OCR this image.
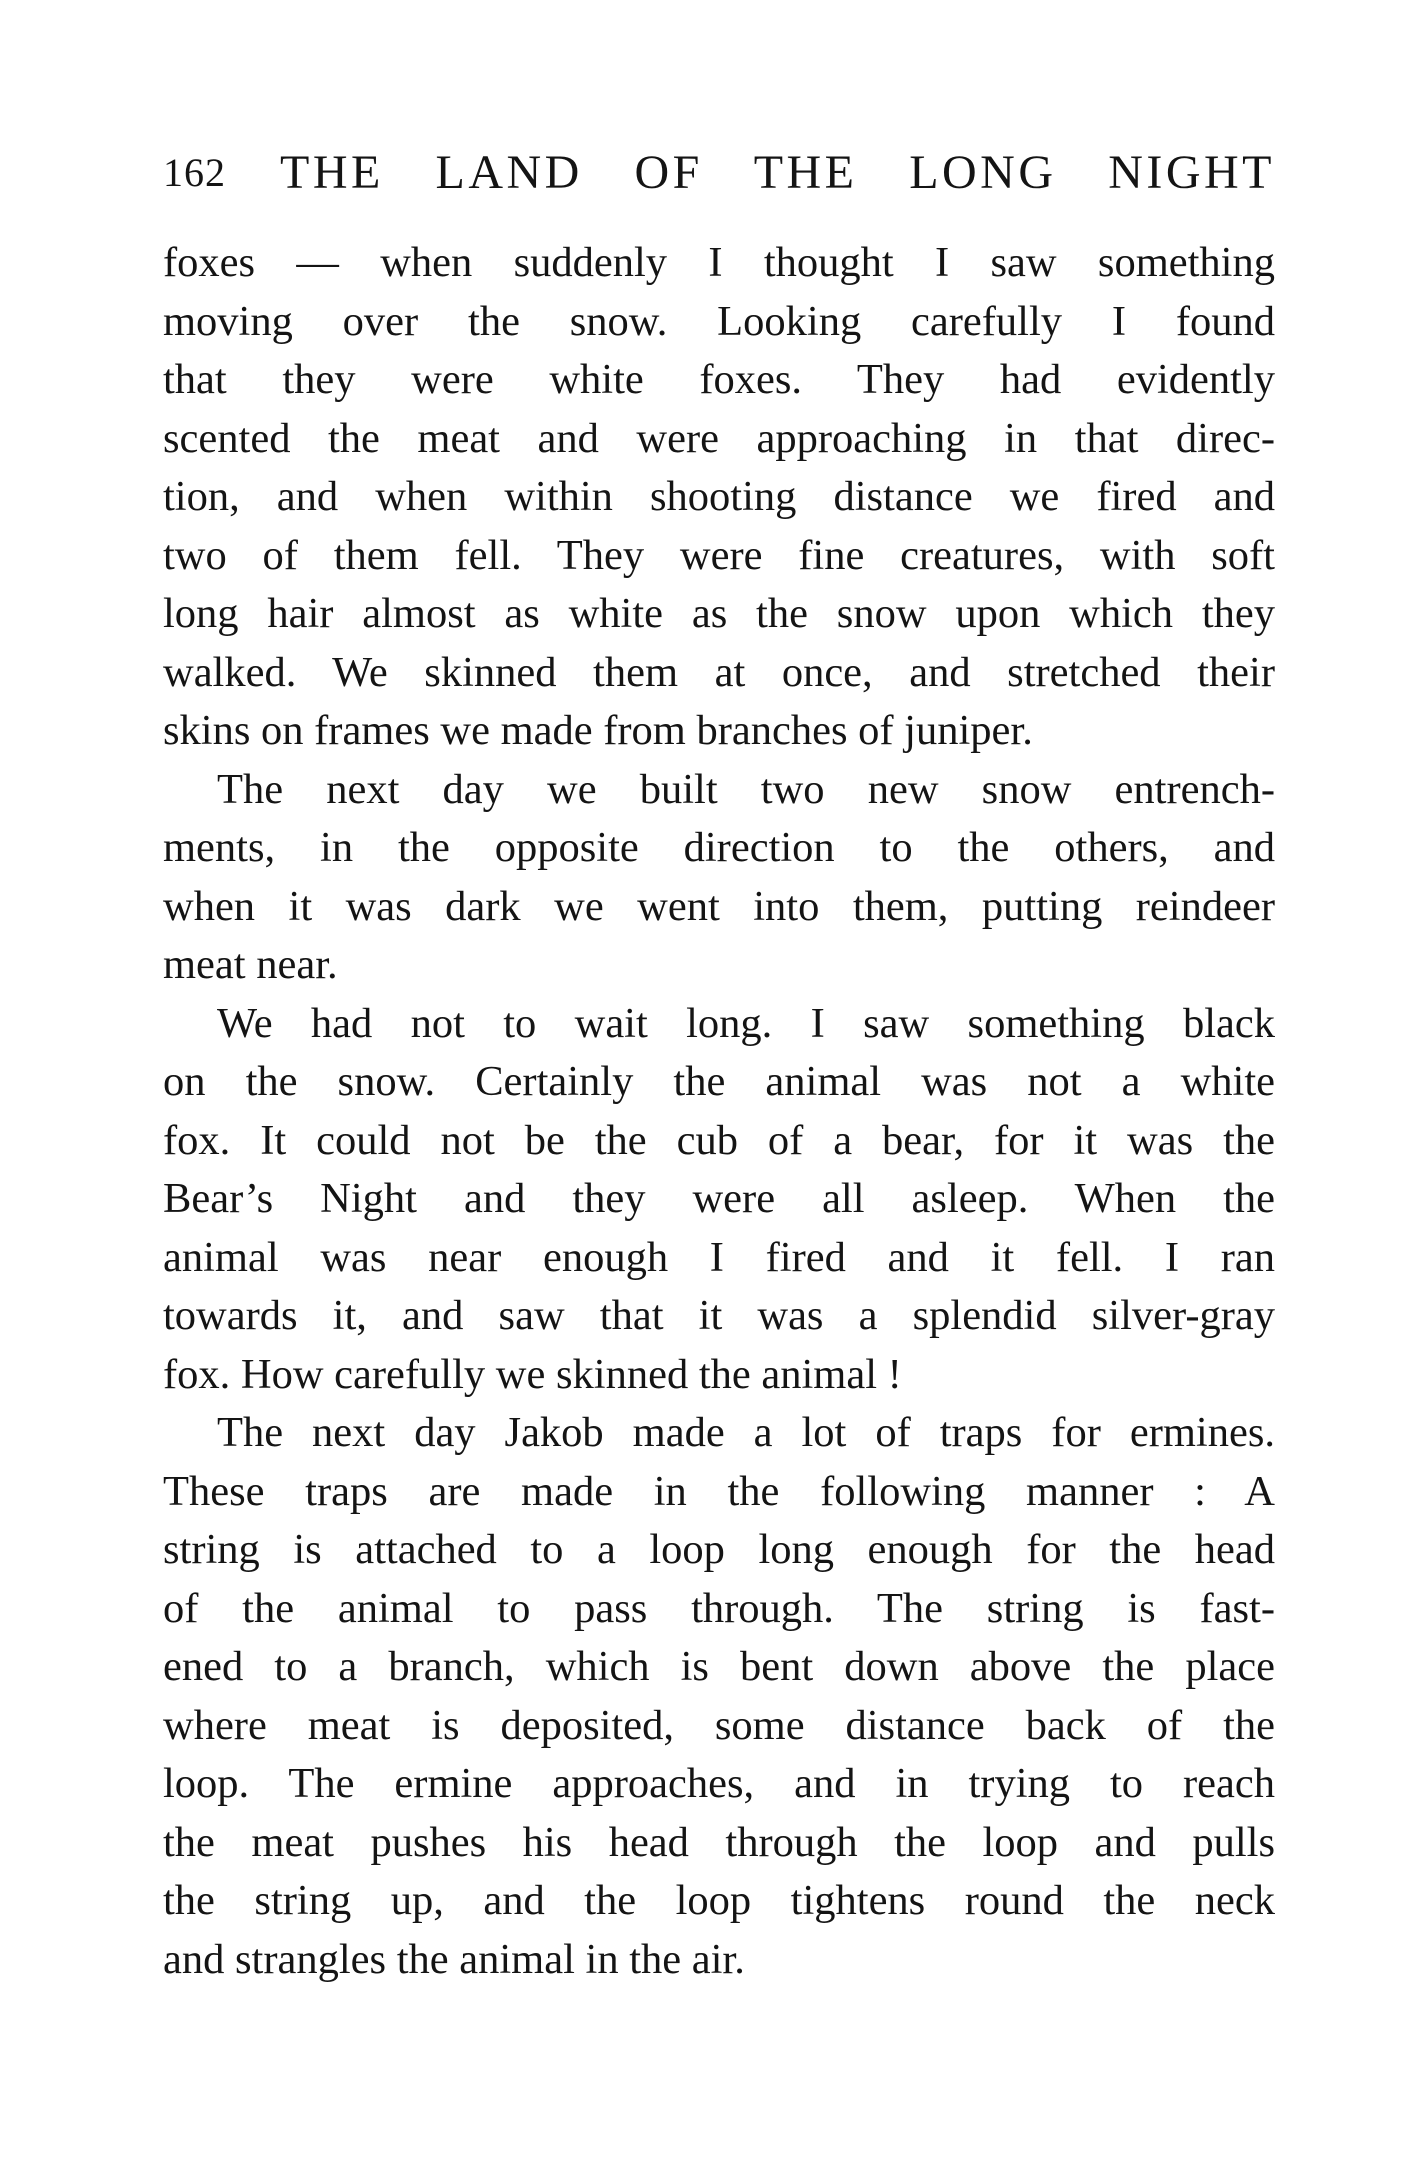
162 THE LAND OF THE LONG NIGHT
foxes — when suddenly I thought I saw something
moving over the snow. Looking carefully I found
that they were white foxes. They had evidently
scented the meat and were approaching in that direc-
tion, and when within shooting distance we fired and
two of them fell. They were fine creatures, with soft
long hair almost as white as the snow upon which they
walked. We skinned them at once, and stretched their
skins on frames we made from branches of juniper.
The next day we built two new snow entrench-
ments, in the opposite direction to the others, and
when it was dark we went into them, putting reindeer
meat near.
We had not to wait long. I saw something black
on the snow. Certainly the animal was not a white
fox. It could not be the cub of a bear, for it was the
Bear’s Night and they were all asleep. When the
animal was near enough I fired and it fell. I ran
towards it, and saw that it was a splendid silver-gray
fox. How carefully we skinned the animal !
The next day Jakob made a lot of traps for ermines.
These traps are made in the following manner : A
string is attached to a loop long enough for the head
of the animal to pass through. The string is fast-
ened to a branch, which is bent down above the place
where meat is deposited, some distance back of the
loop. The ermine approaches, and in trying to reach
the meat pushes his head through the loop and pulls
the string up, and the loop tightens round the neck
and strangles the animal in the air.
